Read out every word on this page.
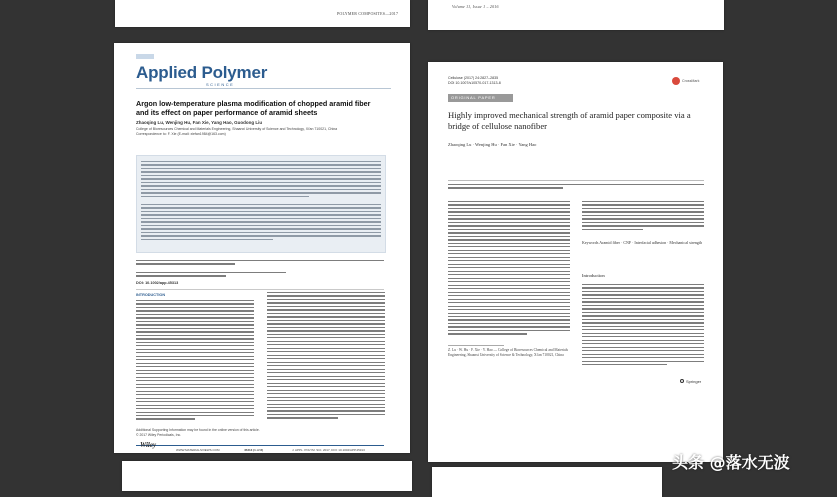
POLYMER COMPOSITES—2017
Volume 11, Issue 1 – 2016
Applied Polymer
SCIENCE
Argon low-temperature plasma modification of chopped aramid fiber and its effect on paper performance of aramid sheets
Zhaoqing Lu, Wenjing Hu, Fan Xie, Yang Hao, Guodong Liu
College of Bioresources Chemical and Materials Engineering, Shaanxi University of Science and Technology, Xi'an 710021, China
Correspondence to: F. Xie (E-mail: xiefan1984@163.com)
DOI: 10.1002/app.45313
INTRODUCTION
Additional Supporting Information may be found in the online version of this article.
© 2017 Wiley Periodicals, Inc.
Wiley
WWW.MATERIALSVIEWS.COM	45313 (1 of 8)	J. APPL. POLYM. SCI. 2017, DOI: 10.1002/APP.45313
Cellulose (2017) 24:2827–2835
DOI 10.1007/s10570-017-1313-8	CrossMark
ORIGINAL PAPER
Highly improved mechanical strength of aramid paper composite via a bridge of cellulose nanofiber
Zhaoqing Lu · Wenjing Hu · Fan Xie · Yang Hao
Keywords Aramid fiber · CNF · Interfacial adhesion · Mechanical strength
Introduction
Z. Lu · W. Hu · F. Xie · Y. Hao — College of Bioresources Chemical and Materials Engineering, Shaanxi University of Science & Technology, Xi'an 710021, China
Springer
头条 @落水无波
